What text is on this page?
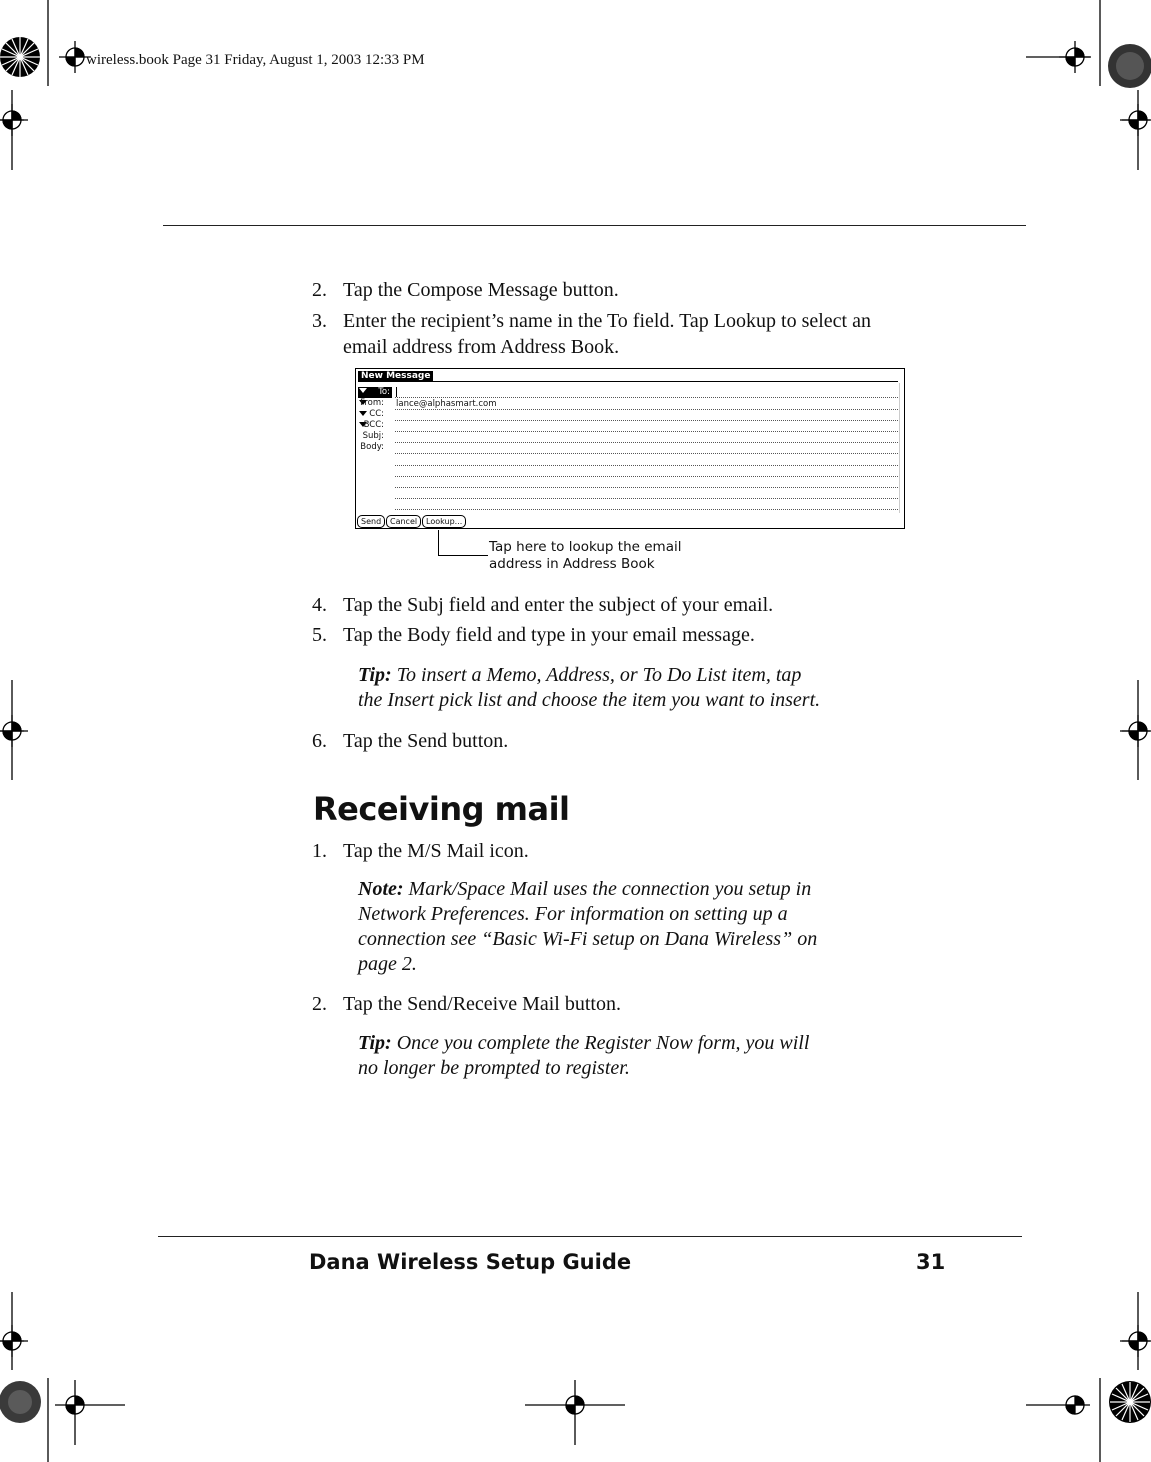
wireless.book Page 31 Friday, August 1, 2003 12:33 PM
2. Tap the Compose Message button.
3. Enter the recipient’s name in the To field. Tap Lookup to select an
email address from Address Book.
New Message
To:
From: lance@alphasmart.com
CC:
BCC:
Subj:
Body:
Send	Cancel	Lookup...
Tap here to lookup the email
address in Address Book
4. Tap the Subj field and enter the subject of your email.
5. Tap the Body field and type in your email message.
Tip: To insert a Memo, Address, or To Do List item, tap
the Insert pick list and choose the item you want to insert.
6. Tap the Send button.
Receiving mail
1. Tap the M/S Mail icon.
Note: Mark/Space Mail uses the connection you setup in
Network Preferences. For information on setting up a
connection see “Basic Wi-Fi setup on Dana Wireless” on
page 2.
2. Tap the Send/Receive Mail button.
Tip: Once you complete the Register Now form, you will
no longer be prompted to register.
Dana Wireless Setup Guide	31
